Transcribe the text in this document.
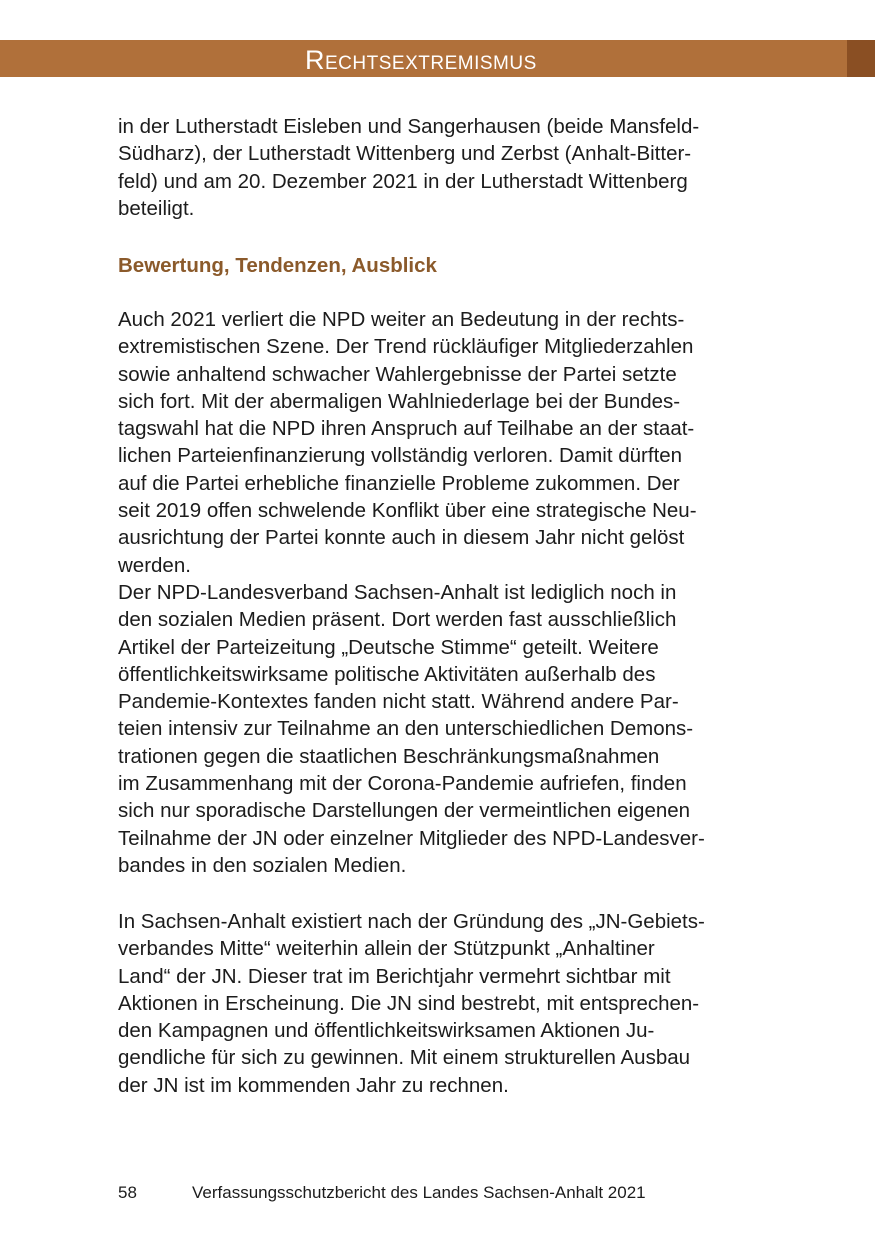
Rechtsextremismus
in der Lutherstadt Eisleben und Sangerhausen (beide Mansfeld-
Südharz), der Lutherstadt Wittenberg und Zerbst (Anhalt-Bitter-
feld) und am 20. Dezember 2021 in der Lutherstadt Wittenberg
beteiligt.
Bewertung, Tendenzen, Ausblick
Auch 2021 verliert die NPD weiter an Bedeutung in der rechts-
extremistischen Szene. Der Trend rückläufiger Mitgliederzahlen
sowie anhaltend schwacher Wahlergebnisse der Partei setzte
sich fort. Mit der abermaligen Wahlniederlage bei der Bundes-
tagswahl hat die NPD ihren Anspruch auf Teilhabe an der staat-
lichen Parteienfinanzierung vollständig verloren. Damit dürften
auf die Partei erhebliche finanzielle Probleme zukommen. Der
seit 2019 offen schwelende Konflikt über eine strategische Neu-
ausrichtung der Partei konnte auch in diesem Jahr nicht gelöst
werden.
Der NPD-Landesverband Sachsen-Anhalt ist lediglich noch in
den sozialen Medien präsent. Dort werden fast ausschließlich
Artikel der Parteizeitung „Deutsche Stimme“ geteilt. Weitere
öffentlichkeitswirksame politische Aktivitäten außerhalb des
Pandemie-Kontextes fanden nicht statt. Während andere Par-
teien intensiv zur Teilnahme an den unterschiedlichen Demons-
trationen gegen die staatlichen Beschränkungsmaßnahmen
im Zusammenhang mit der Corona-Pandemie aufriefen, finden
sich nur sporadische Darstellungen der vermeintlichen eigenen
Teilnahme der JN oder einzelner Mitglieder des NPD-Landesver-
bandes in den sozialen Medien.
In Sachsen-Anhalt existiert nach der Gründung des „JN-Gebiets-
verbandes Mitte“ weiterhin allein der Stützpunkt „Anhaltiner
Land“ der JN. Dieser trat im Berichtjahr vermehrt sichtbar mit
Aktionen in Erscheinung. Die JN sind bestrebt, mit entsprechen-
den Kampagnen und öffentlichkeitswirksamen Aktionen Ju-
gendliche für sich zu gewinnen. Mit einem strukturellen Ausbau
der JN ist im kommenden Jahr zu rechnen.
58	Verfassungsschutzbericht des Landes Sachsen-Anhalt 2021
